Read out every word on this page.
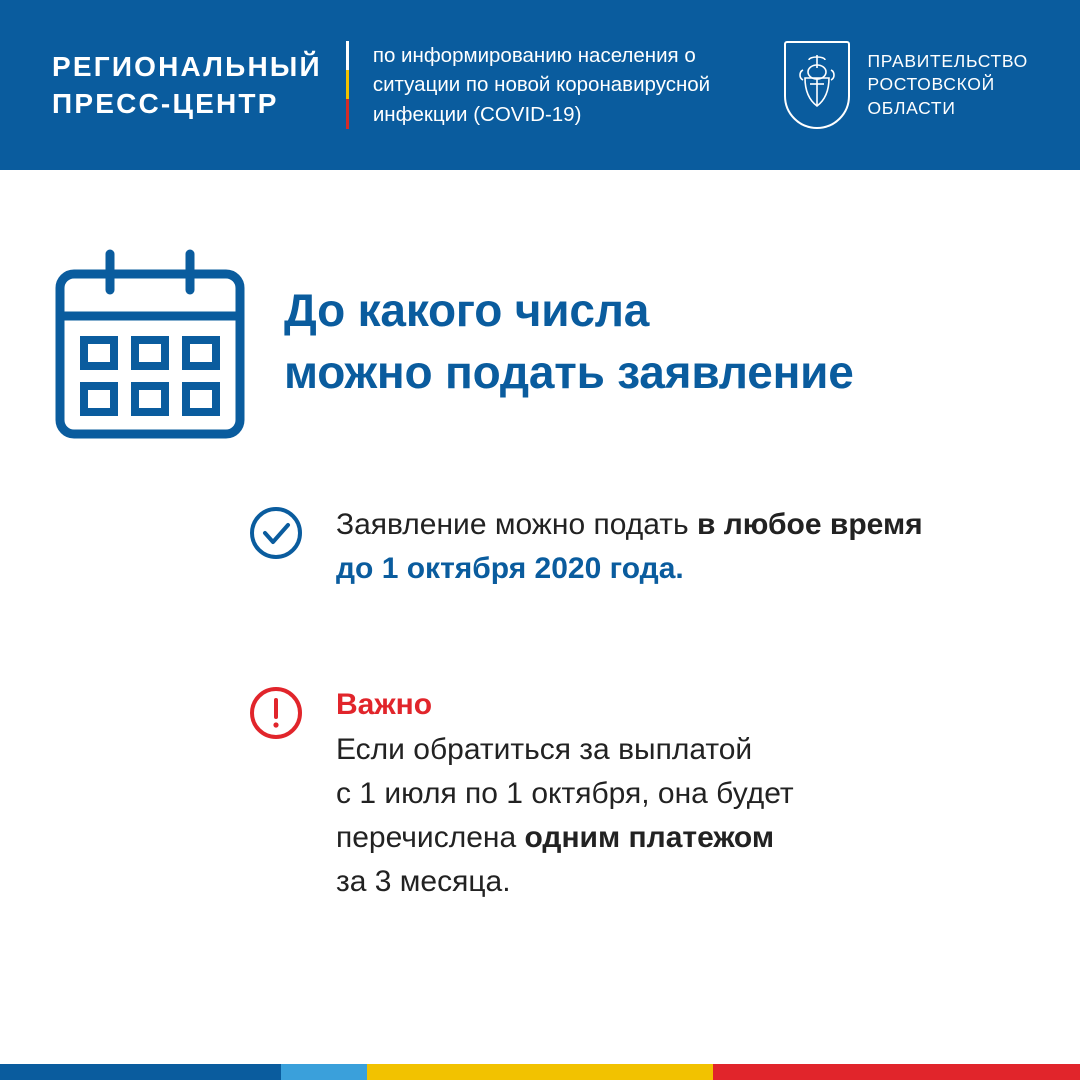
РЕГИОНАЛЬНЫЙ
ПРЕСС-ЦЕНТР
по информированию населения о ситуации по новой коронавирусной инфекции (COVID-19)
ПРАВИТЕЛЬСТВО
РОСТОВСКОЙ
ОБЛАСТИ
До какого числа
можно подать заявление
Заявление можно подать в любое время
до 1 октября 2020 года.
Важно
Если обратиться за выплатой
с 1 июля по 1 октября, она будет
перечислена одним платежом
за 3 месяца.
